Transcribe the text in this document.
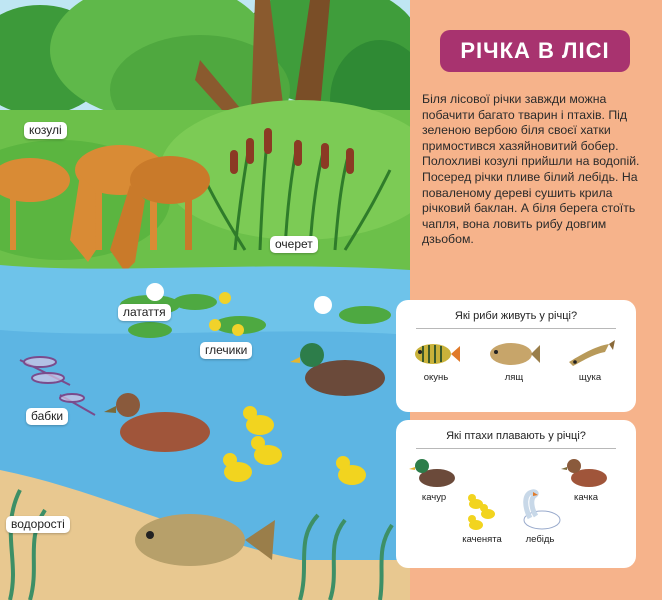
козулі
очерет
латаття
глечики
бабки
водорості
РІЧКА В ЛІСІ

Біля лісової річки завжди можна побачити багато тварин і птахів. Під зеленою вербою біля своєї хатки примостився хазяйновитий бобер. Полохливі козулі прийшли на водопій. Посеред річки пливе білий лебідь. На поваленому дереві сушить крила річковий баклан. А біля берега стоїть чапля, вона ловить рибу довгим дзьобом.

Які риби живуть у річці?
окунь	лящ	щука
Які птахи плавають у річці?
качур	качка
каченята	лебідь
